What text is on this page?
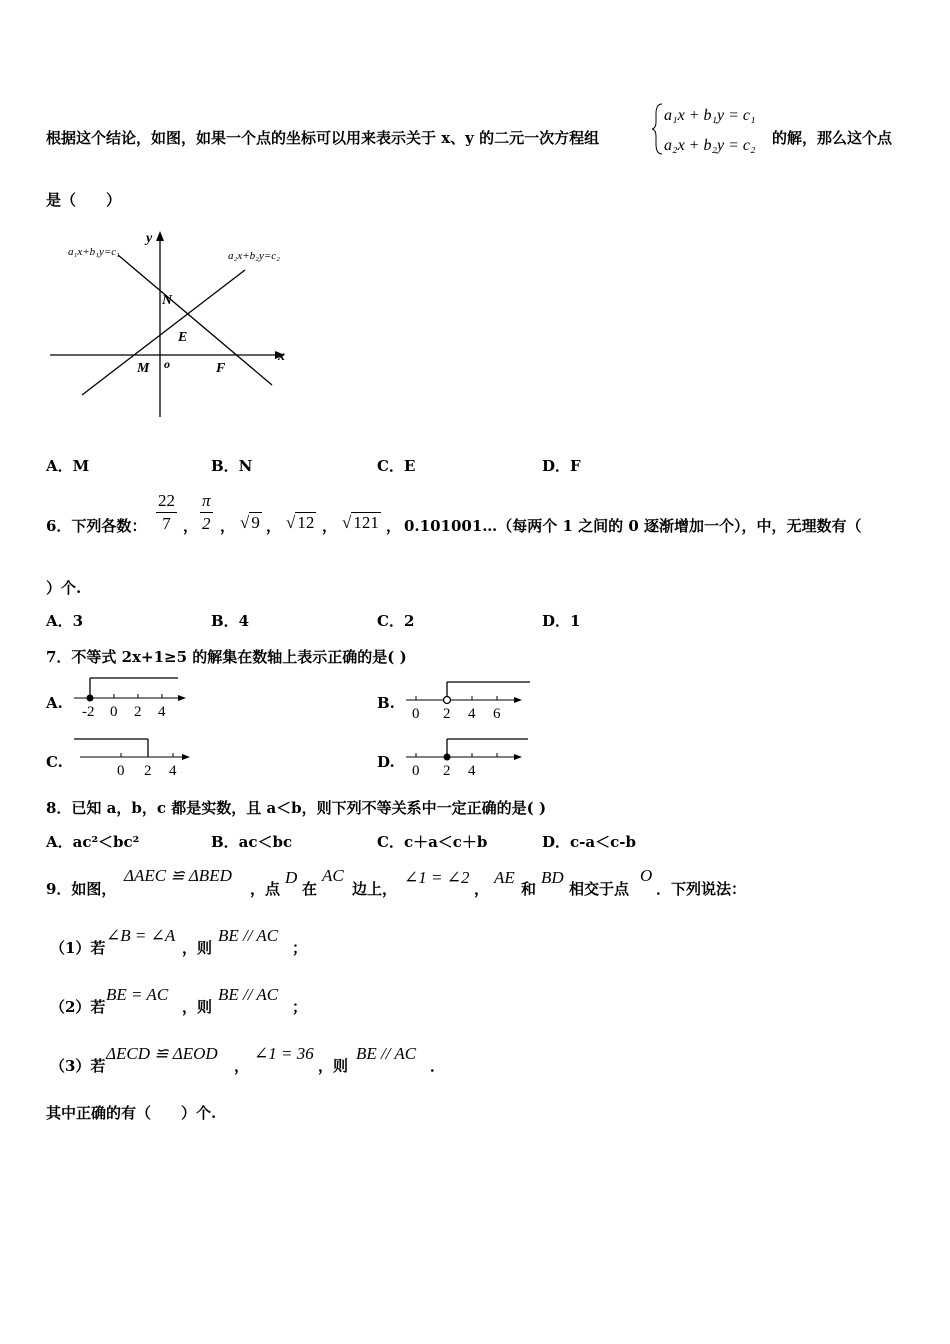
根据这个结论，如图，如果一个点的坐标可以用来表示关于 x、y 的二元一次方程组
a₁x + b₁y = c₁
a₂x + b₂y = c₂ 的解，那么这个点
是（　　）
a₁x+b₁y=c₁	a₂x+b₂y=c₂
x
y
N
E
M o	F
A．M	B．N	C．E	D．F
6．下列各数： $\frac{22}{7}$ ， $\frac{\pi}{2}$ ， √ 9 ， √ 12 ， √ 121 ， 0.101001…（每两个 1 之间的 0 逐渐增加一个），中，无理数有（
）个.
A．3	B．4	C．2	D．1
7．不等式 2x+1≥5 的解集在数轴上表示正确的是( )
A. -2 0 2 4	B.
0 2 4 6
C.	0 2 4	D. 0 2 4
8．已知 a，b，c 都是实数，且 a＜b，则下列不等关系中一定正确的是( )
A．ac²＜bc²	B．ac＜bc	C．c＋a＜c＋b	D．c-a＜c-b
9．如图，
ΔAEC ≌ ΔBED
，点
D
在
AC
边上，
∠1 = ∠2
，
AE
和
BD
相交于点
O
．下列说法：
（1）若
∠B = ∠A
，则
BE // AC
；
（2）若
BE = AC
，则
BE // AC
；
（3）若
ΔECD ≌ ΔEOD
，
∠1 = 36
，则
BE // AC
．
其中正确的有（　　）个.
